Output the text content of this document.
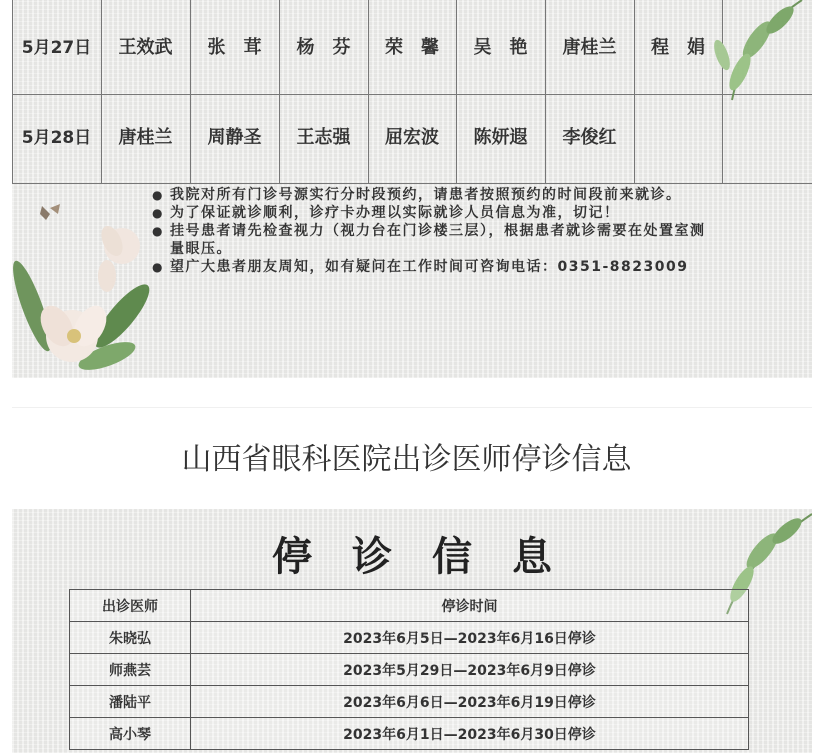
5月27日	王效武	张　茸	杨　芬	荣　馨	吴　艳	唐桂兰	程　娟
5月28日	唐桂兰	周静圣	王志强	屈宏波	陈妍遐	李俊红
● 我院对所有门诊号源实行分时段预约，请患者按照预约的时间段前来就诊。
● 为了保证就诊顺利，诊疗卡办理以实际就诊人员信息为准，切记！
● 挂号患者请先检查视力（视力台在门诊楼三层），根据患者就诊需要在处置室测量眼压。
● 望广大患者朋友周知，如有疑问在工作时间可咨询电话：0351-8823009
山西省眼科医院出诊医师停诊信息
停诊信息
出诊医师	停诊时间
朱晓弘	2023年6月5日—2023年6月16日停诊
师燕芸	2023年5月29日—2023年6月9日停诊
潘陆平	2023年6月6日—2023年6月19日停诊
高小琴	2023年6月1日—2023年6月30日停诊
